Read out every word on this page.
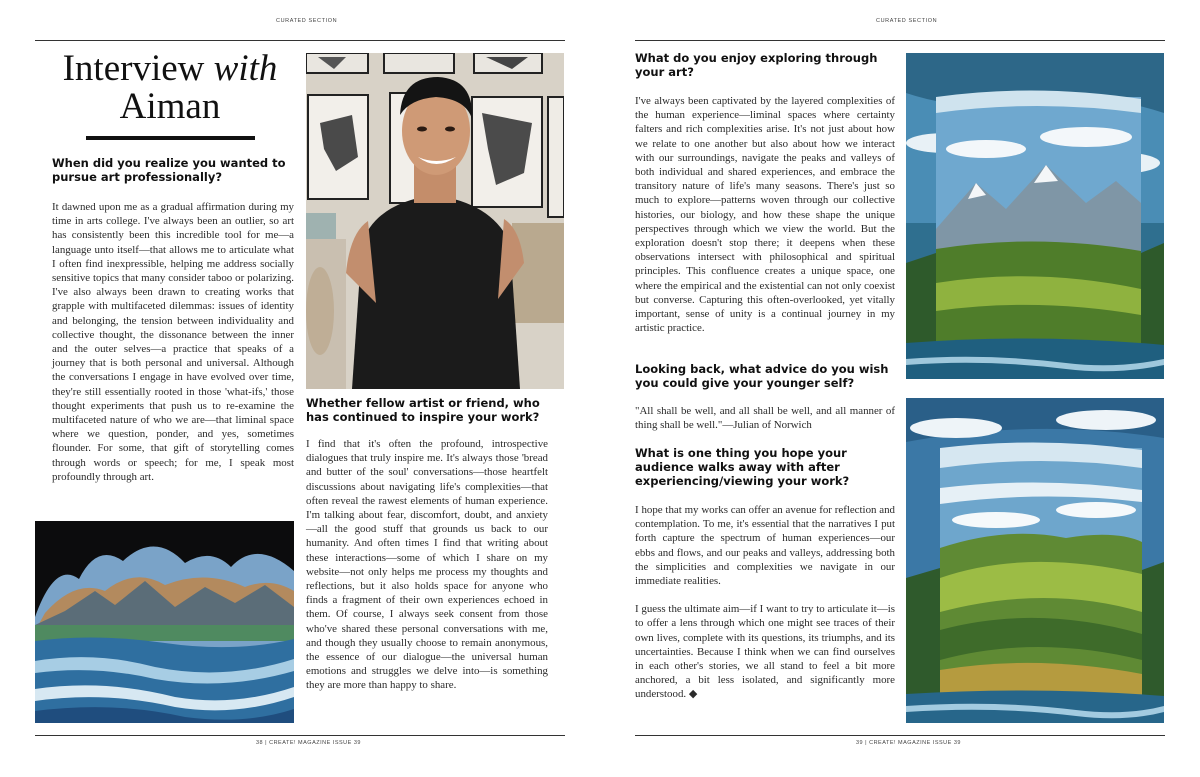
CURATED SECTION
Interview with
Aiman
When did you realize you wanted to pursue art professionally?

It dawned upon me as a gradual affirmation during my time in arts college. I've always been an outlier, so art has consistently been this incredible tool for me—a language unto itself—that allows me to articulate what I often find inexpressible, helping me address socially sensitive topics that many consider taboo or polarizing. I've also always been drawn to creating works that grapple with multifaceted dilemmas: issues of identity and belonging, the tension between individuality and collective thought, the dissonance between the inner and the outer selves—a practice that speaks of a journey that is both personal and universal. Although the conversations I engage in have evolved over time, they're still essentially rooted in those 'what-ifs,' those thought experiments that push us to re-examine the multifaceted nature of who we are—that liminal space where we question, ponder, and yes, sometimes flounder. For some, that gift of storytelling comes through words or speech; for me, I speak most profoundly through art.

Whether fellow artist or friend, who has continued to inspire your work?

I find that it's often the profound, introspective dialogues that truly inspire me. It's always those 'bread and butter of the soul' conversations—those heartfelt discussions about navigating life's complexities—that often reveal the rawest elements of human experience. I'm talking about fear, discomfort, doubt, and anxiety—all the good stuff that grounds us back to our humanity. And often times I find that writing about these interactions—some of which I share on my website—not only helps me process my thoughts and reflections, but it also holds space for anyone who finds a fragment of their own experiences echoed in them. Of course, I always seek consent from those who've shared these personal conversations with me, and though they usually choose to remain anonymous, the essence of our dialogue—the universal human emotions and struggles we delve into—is something they are more than happy to share.

38 | CREATE! MAGAZINE ISSUE 39
CURATED SECTION
What do you enjoy exploring through your art?

I've always been captivated by the layered complexities of the human experience—liminal spaces where certainty falters and rich complexities arise. It's not just about how we relate to one another but also about how we interact with our surroundings, navigate the peaks and valleys of both individual and shared experiences, and embrace the transitory nature of life's many seasons. There's just so much to explore—patterns woven through our collective histories, our biology, and how these shape the unique perspectives through which we view the world. But the exploration doesn't stop there; it deepens when these observations intersect with philosophical and spiritual principles. This confluence creates a unique space, one where the empirical and the existential can not only coexist but converse. Capturing this often-overlooked, yet vitally important, sense of unity is a continual journey in my artistic practice.

Looking back, what advice do you wish you could give your younger self?

"All shall be well, and all shall be well, and all manner of thing shall be well."—Julian of Norwich

What is one thing you hope your audience walks away with after experiencing/viewing your work?

I hope that my works can offer an avenue for reflection and contemplation. To me, it's essential that the narratives I put forth capture the spectrum of human experiences—our ebbs and flows, and our peaks and valleys, addressing both the simplicities and complexities we navigate in our immediate realities.

I guess the ultimate aim—if I want to try to articulate it—is to offer a lens through which one might see traces of their own lives, complete with its questions, its triumphs, and its uncertainties. Because I think when we can find ourselves in each other's stories, we all stand to feel a bit more anchored, a bit less isolated, and significantly more understood. ◆

39 | CREATE! MAGAZINE ISSUE 39
